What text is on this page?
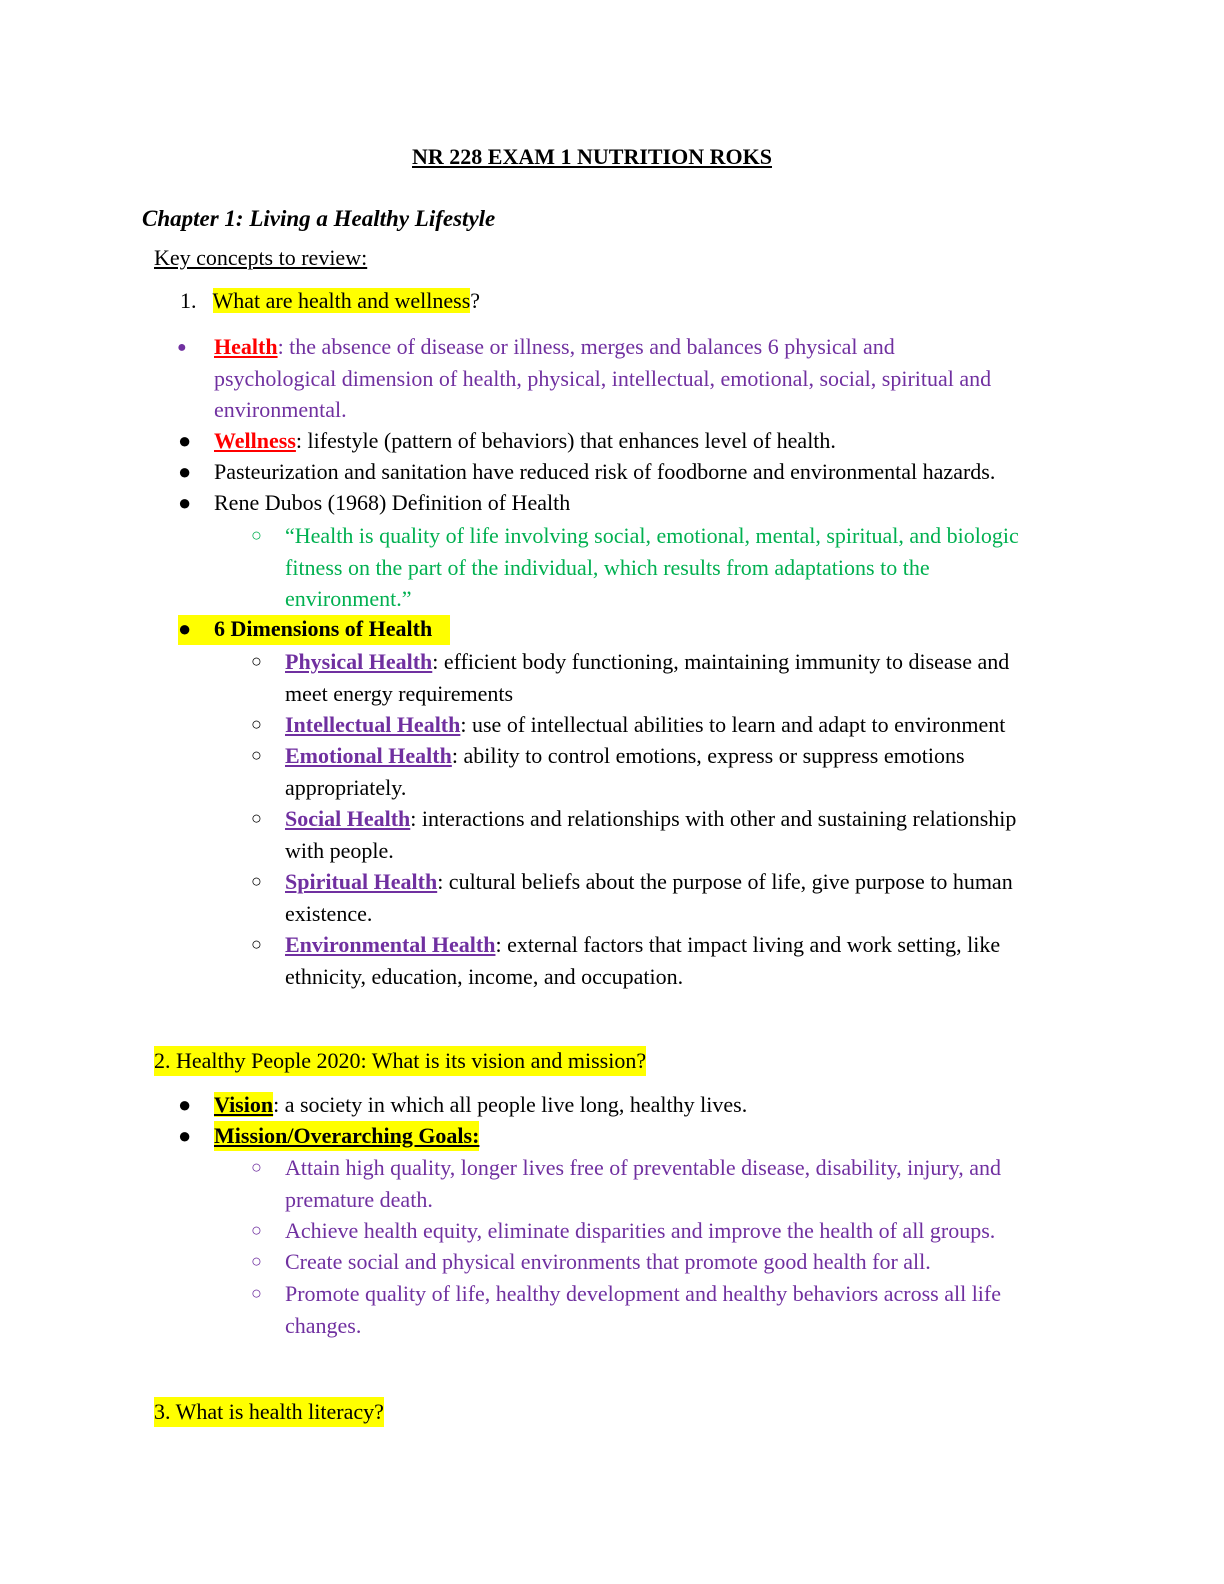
NR 228 EXAM 1 NUTRITION ROKS
Chapter 1: Living a Healthy Lifestyle
Key concepts to review:
1. What are health and wellness?
● Health: the absence of disease or illness, merges and balances 6 physical and
psychological dimension of health, physical, intellectual, emotional, social, spiritual and
environmental.
● Wellness: lifestyle (pattern of behaviors) that enhances level of health.
● Pasteurization and sanitation have reduced risk of foodborne and environmental hazards.
● Rene Dubos (1968) Definition of Health
○ “Health is quality of life involving social, emotional, mental, spiritual, and biologic
fitness on the part of the individual, which results from adaptations to the
environment.”
● 6 Dimensions of Health
○ Physical Health: efficient body functioning, maintaining immunity to disease and
meet energy requirements
○ Intellectual Health: use of intellectual abilities to learn and adapt to environment
○ Emotional Health: ability to control emotions, express or suppress emotions
appropriately.
○ Social Health: interactions and relationships with other and sustaining relationship
with people.
○ Spiritual Health: cultural beliefs about the purpose of life, give purpose to human
existence.
○ Environmental Health: external factors that impact living and work setting, like
ethnicity, education, income, and occupation.
2. Healthy People 2020: What is its vision and mission?
● Vision: a society in which all people live long, healthy lives.
● Mission/Overarching Goals:
○ Attain high quality, longer lives free of preventable disease, disability, injury, and
premature death.
○ Achieve health equity, eliminate disparities and improve the health of all groups.
○ Create social and physical environments that promote good health for all.
○ Promote quality of life, healthy development and healthy behaviors across all life
changes.
3. What is health literacy?
